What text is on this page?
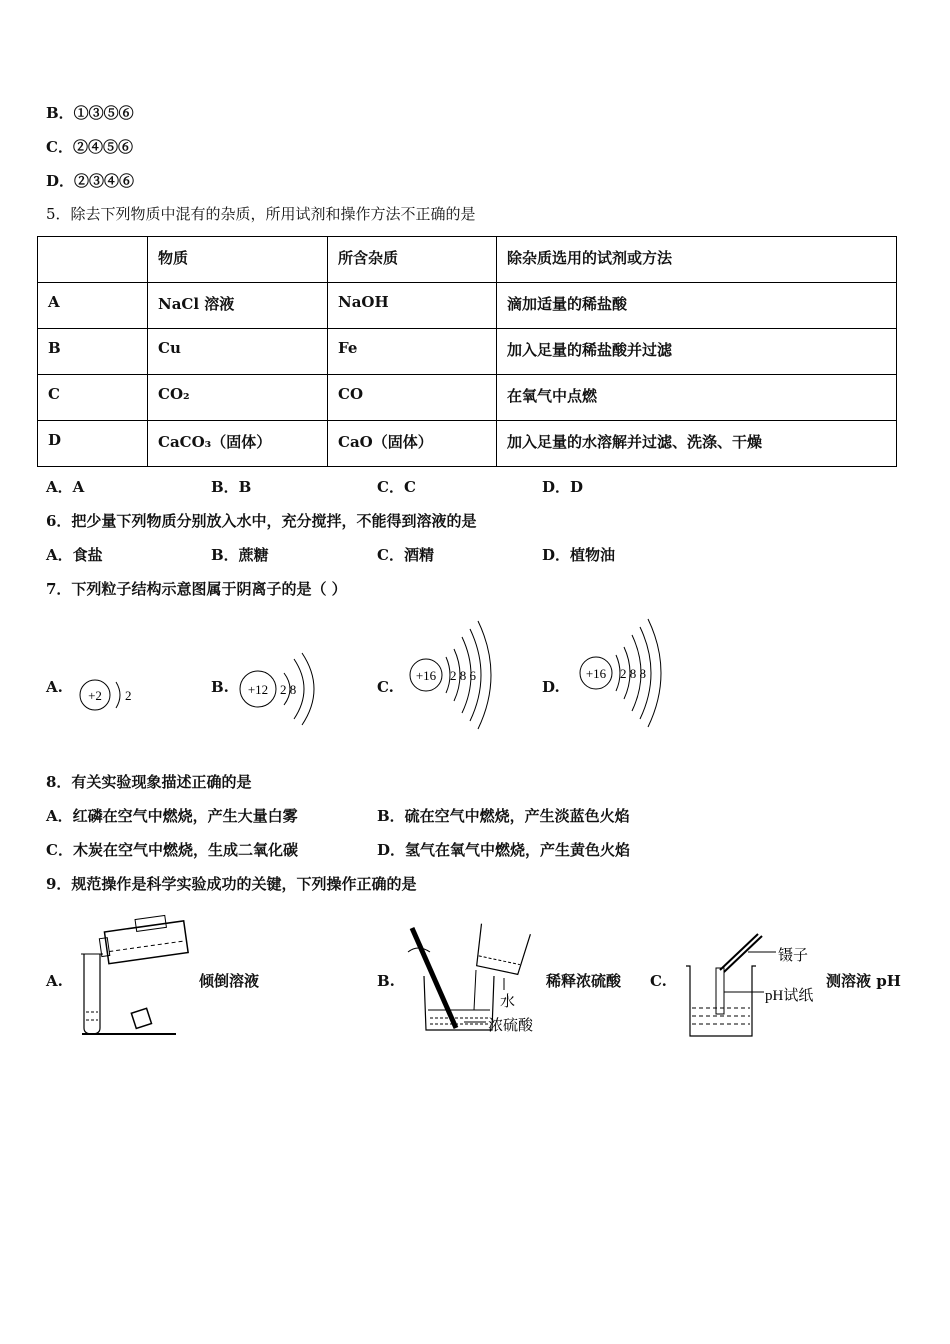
B．①③⑤⑥
C．②④⑤⑥
D．②③④⑥
5．除去下列物质中混有的杂质，所用试剂和操作方法不正确的是
	物质	所含杂质	除杂质选用的试剂或方法
A	NaCl 溶液	NaOH	滴加适量的稀盐酸
B	Cu	Fe	加入足量的稀盐酸并过滤
C	CO₂	CO	在氧气中点燃
D	CaCO₃（固体）	CaO（固体）	加入足量的水溶解并过滤、洗涤、干燥
A．A	B．B	C．C	D．D
6．把少量下列物质分别放入水中，充分搅拌，不能得到溶液的是
A．食盐	B．蔗糖	C．酒精	D．植物油
7．下列粒子结构示意图属于阴离子的是（ ）
A. +2 2	B. +12 2 8	C.
+16 2 8 6
D.
+16 2 8 8
8．有关实验现象描述正确的是
A．红磷在空气中燃烧，产生大量白雾	B．硫在空气中燃烧，产生淡蓝色火焰
C．木炭在空气中燃烧，生成二氧化碳	D．氢气在氧气中燃烧，产生黄色火焰
9．规范操作是科学实验成功的关键，下列操作正确的是
A.	倾倒溶液	B.
水
浓硫酸
稀释浓硫酸 C.
镊子
pH试纸
测溶液 pH
